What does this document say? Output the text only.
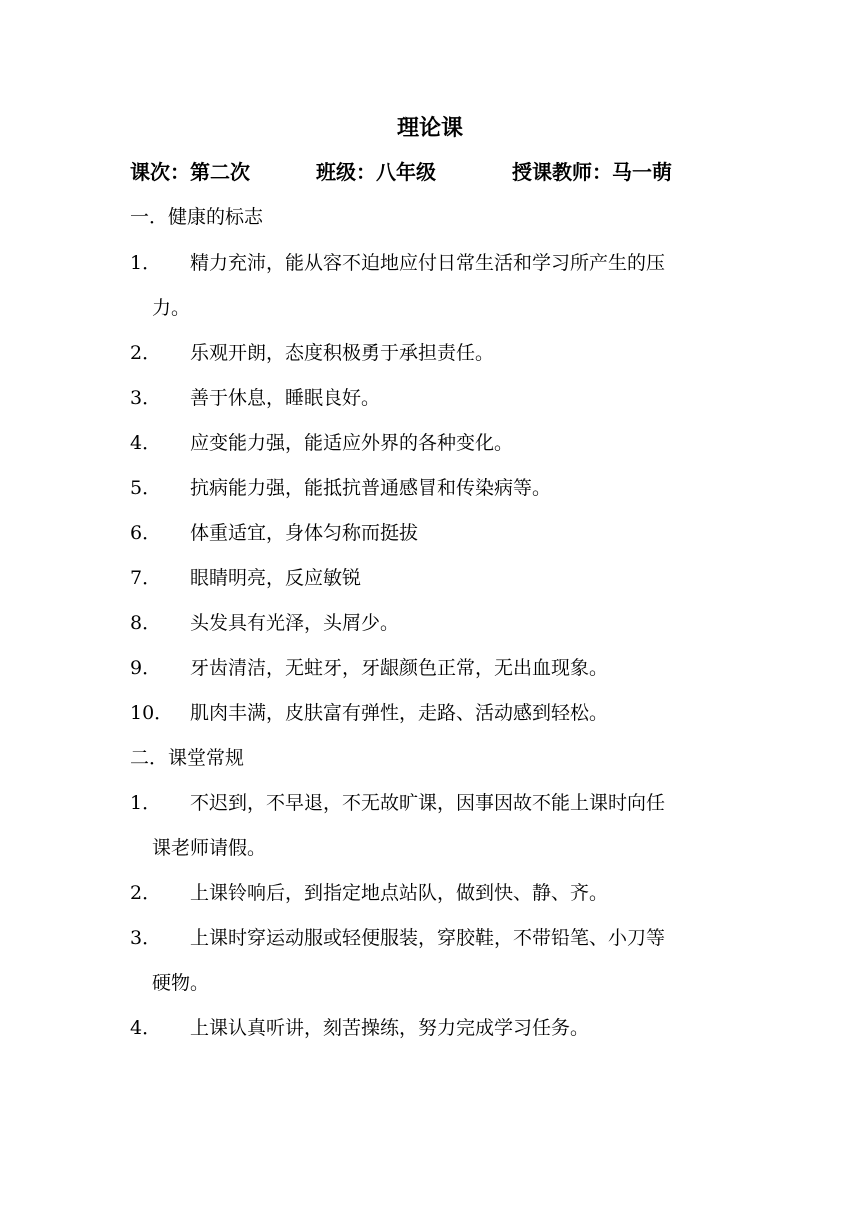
理论课
课次：第二次	班级：八年级	授课教师：马一萌
一．健康的标志
1． 精力充沛，能从容不迫地应付日常生活和学习所产生的压
力。
2． 乐观开朗，态度积极勇于承担责任。
3． 善于休息，睡眠良好。
4． 应变能力强，能适应外界的各种变化。
5． 抗病能力强，能抵抗普通感冒和传染病等。
6． 体重适宜，身体匀称而挺拔
7． 眼睛明亮，反应敏锐
8． 头发具有光泽，头屑少。
9． 牙齿清洁，无蛀牙，牙龈颜色正常，无出血现象。
10． 肌肉丰满，皮肤富有弹性，走路、活动感到轻松。
二．课堂常规
1． 不迟到，不早退，不无故旷课，因事因故不能上课时向任
课老师请假。
2． 上课铃响后，到指定地点站队，做到快、静、齐。
3． 上课时穿运动服或轻便服装，穿胶鞋，不带铅笔、小刀等
硬物。
4． 上课认真听讲，刻苦操练，努力完成学习任务。
